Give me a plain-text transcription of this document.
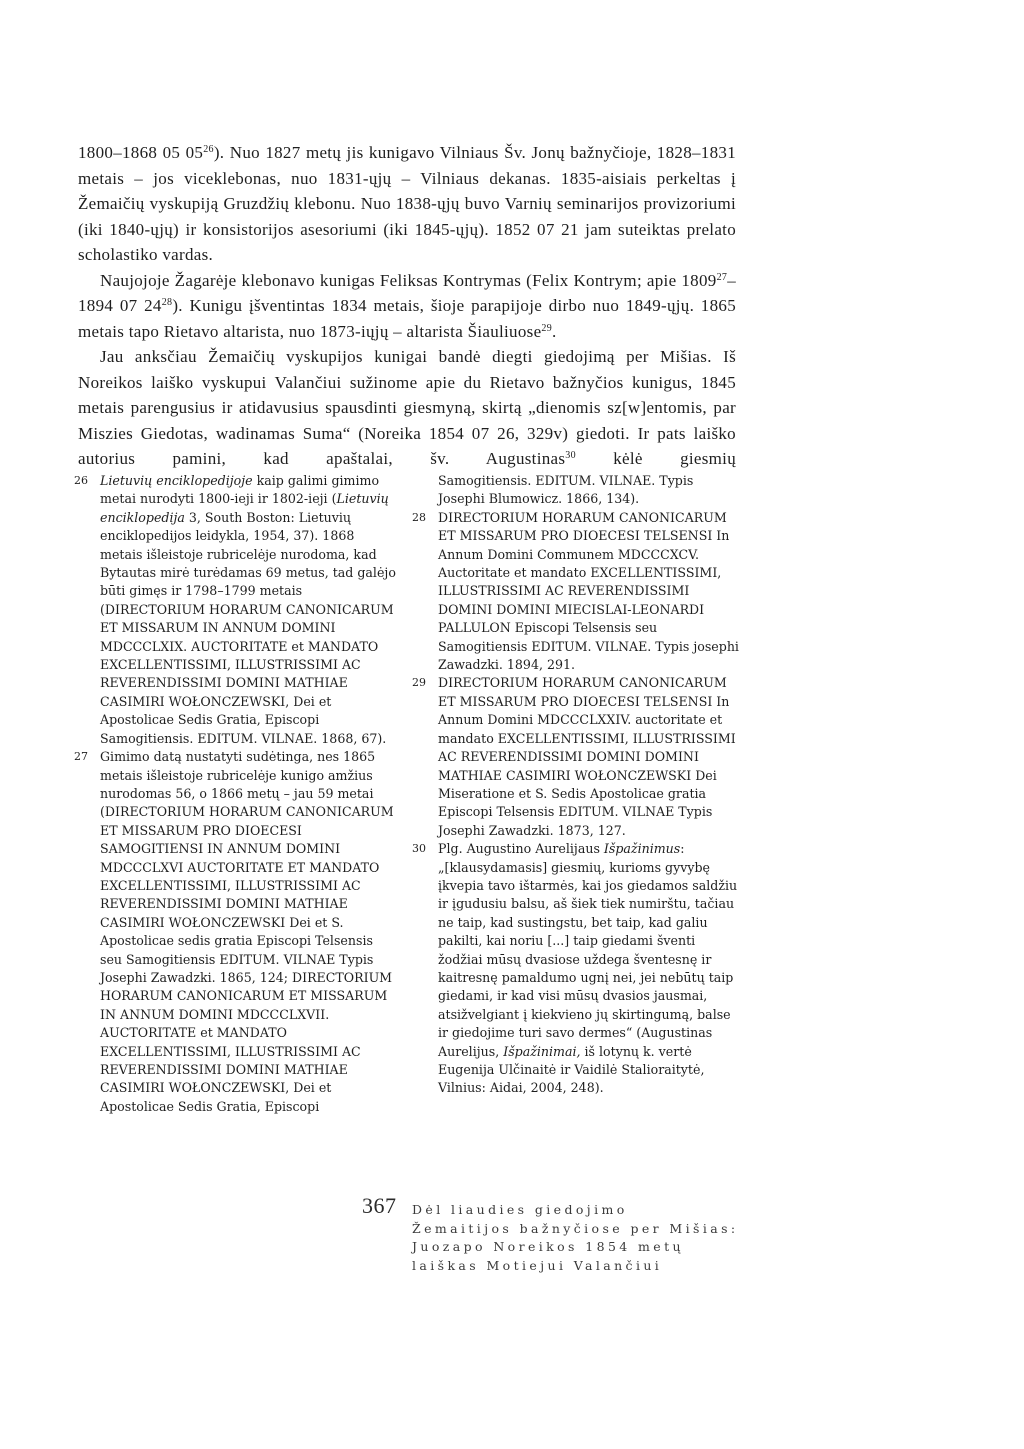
1800–1868 05 $05^{26}$). Nuo 1827 metų jis kunigavo Vilniaus Šv. Jonų bažnyčioje, 1828–1831 metais – jos viceklebonas, nuo 1831-ųjų – Vilniaus dekanas. 1835-aisiais perkeltas į Žemaičių vyskupiją Gruzdžių klebonu. Nuo 1838-ųjų buvo Varnių seminarijos provizoriumi (iki 1840-ųjų) ir konsistorijos asesoriumi (iki 1845-ųjų). 1852 07 21 jam suteiktas prelato scholastiko vardas.

Naujojoje Žagarėje klebonavo kunigas Feliksas Kontrymas (Felix Kontrym; apie 1809$^{27}$–1894 07 $24^{28}$). Kunigu įšventintas 1834 metais, šioje parapijoje dirbo nuo 1849-ųjų. 1865 metais tapo Rietavo altarista, nuo 1873-iųjų – altarista Šiauliuose$^{29}$.

Jau anksčiau Žemaičių vyskupijos kunigai bandė diegti giedojimą per Mišias. Iš Noreikos laiško vyskupui Valančiui sužinome apie du Rietavo bažnyčios kunigus, 1845 metais parengusius ir atidavusius spausdinti giesmyną, skirtą „dienomis sz[w]entomis, par Miszies Giedotas, wadinamas Suma“ (Noreika 1854 07 26, 329v) giedoti. Ir pats laiško autorius pamini, kad apaštalai, šv. Augustinas$^{30}$ kėlė giesmių

26 Lietuvių enciklopedijoje kaip galimi gimimo metai nurodyti 1800-ieji ir 1802-ieji (Lietuvių enciklopedija 3, South Boston: Lietuvių enciklopedijos leidykla, 1954, 37). 1868 metais išleistoje rubricelėje nurodoma, kad Bytautas mirė turėdamas 69 metus, tad galėjo būti gimęs ir 1798–1799 metais (DIRECTORIUM HORARUM CANONICARUM ET MISSARUM IN ANNUM DOMINI MDCCCLXIX. AUCTORITATE et MANDATO EXCELLENTISSIMI, ILLUSTRISSIMI AC REVERENDISSIMI DOMINI MATHIAE CASIMIRI WOŁONCZEWSKI, Dei et Apostolicae Sedis Gratia, Episcopi Samogitiensis. EDITUM. VILNAE. 1868, 67).
27 Gimimo datą nustatyti sudėtinga, nes 1865 metais išleistoje rubricelėje kunigo amžius nurodomas 56, o 1866 metų – jau 59 metai (DIRECTORIUM HORARUM CANONICARUM ET MISSARUM PRO DIOECESI SAMOGITIENSI IN ANNUM DOMINI MDCCCLXVI AUCTORITATE ET MANDATO EXCELLENTISSIMI, ILLUSTRISSIMI AC REVERENDISSIMI DOMINI MATHIAE CASIMIRI WOŁONCZEWSKI Dei et S. Apostolicae sedis gratia Episcopi Telsensis seu Samogitiensis EDITUM. VILNAE Typis Josephi Zawadzki. 1865, 124; DIRECTORIUM HORARUM CANONICARUM ET MISSARUM IN ANNUM DOMINI MDCCCLXVII. AUCTORITATE et MANDATO EXCELLENTISSIMI, ILLUSTRISSIMI AC REVERENDISSIMI DOMINI MATHIAE CASIMIRI WOŁONCZEWSKI, Dei et Apostolicae Sedis Gratia, Episcopi
Samogitiensis. EDITUM. VILNAE. Typis Josephi Blumowicz. 1866, 134).
28 DIRECTORIUM HORARUM CANONICARUM ET MISSARUM PRO DIOECESI TELSENSI In Annum Domini Communem MDCCCXCV. Auctoritate et mandato EXCELLENTISSIMI, ILLUSTRISSIMI AC REVERENDISSIMI DOMINI DOMINI MIECISLAI-LEONARDI PALLULON Episcopi Telsensis seu Samogitiensis EDITUM. VILNAE. Typis josephi Zawadzki. 1894, 291.
29 DIRECTORIUM HORARUM CANONICARUM ET MISSARUM PRO DIOECESI TELSENSI In Annum Domini MDCCCLXXIV. auctoritate et mandato EXCELLENTISSIMI, ILLUSTRISSIMI AC REVERENDISSIMI DOMINI DOMINI MATHIAE CASIMIRI WOŁONCZEWSKI Dei Miseratione et S. Sedis Apostolicae gratia Episcopi Telsensis EDITUM. VILNAE Typis Josephi Zawadzki. 1873, 127.
30 Plg. Augustino Aurelijaus Išpažinimus: „[klausydamasis] giesmių, kurioms gyvybę įkvepia tavo ištarmės, kai jos giedamos saldžiu ir įgudusiu balsu, aš šiek tiek numirštu, tačiau ne taip, kad sustingstu, bet taip, kad galiu pakilti, kai noriu [...] taip giedami šventi žodžiai mūsų dvasiose uždega šventesnę ir kaitresnę pamaldumo ugnį nei, jei nebūtų taip giedami, ir kad visi mūsų dvasios jausmai, atsižvelgiant į kiekvieno jų skirtingumą, balse ir giedojime turi savo dermes“ (Augustinas Aurelijus, Išpažinimai, iš lotynų k. vertė Eugenija Ulčinaitė ir Vaidilė Staliorait​ytė, Vilnius: Aidai, 2004, 248).
367 Dėl liaudies giedojimo
Žemaitijos bažnyčiose per Mišias:
Juozapo Noreikos 1854 metų
laiškas Motiejui Valančiui
